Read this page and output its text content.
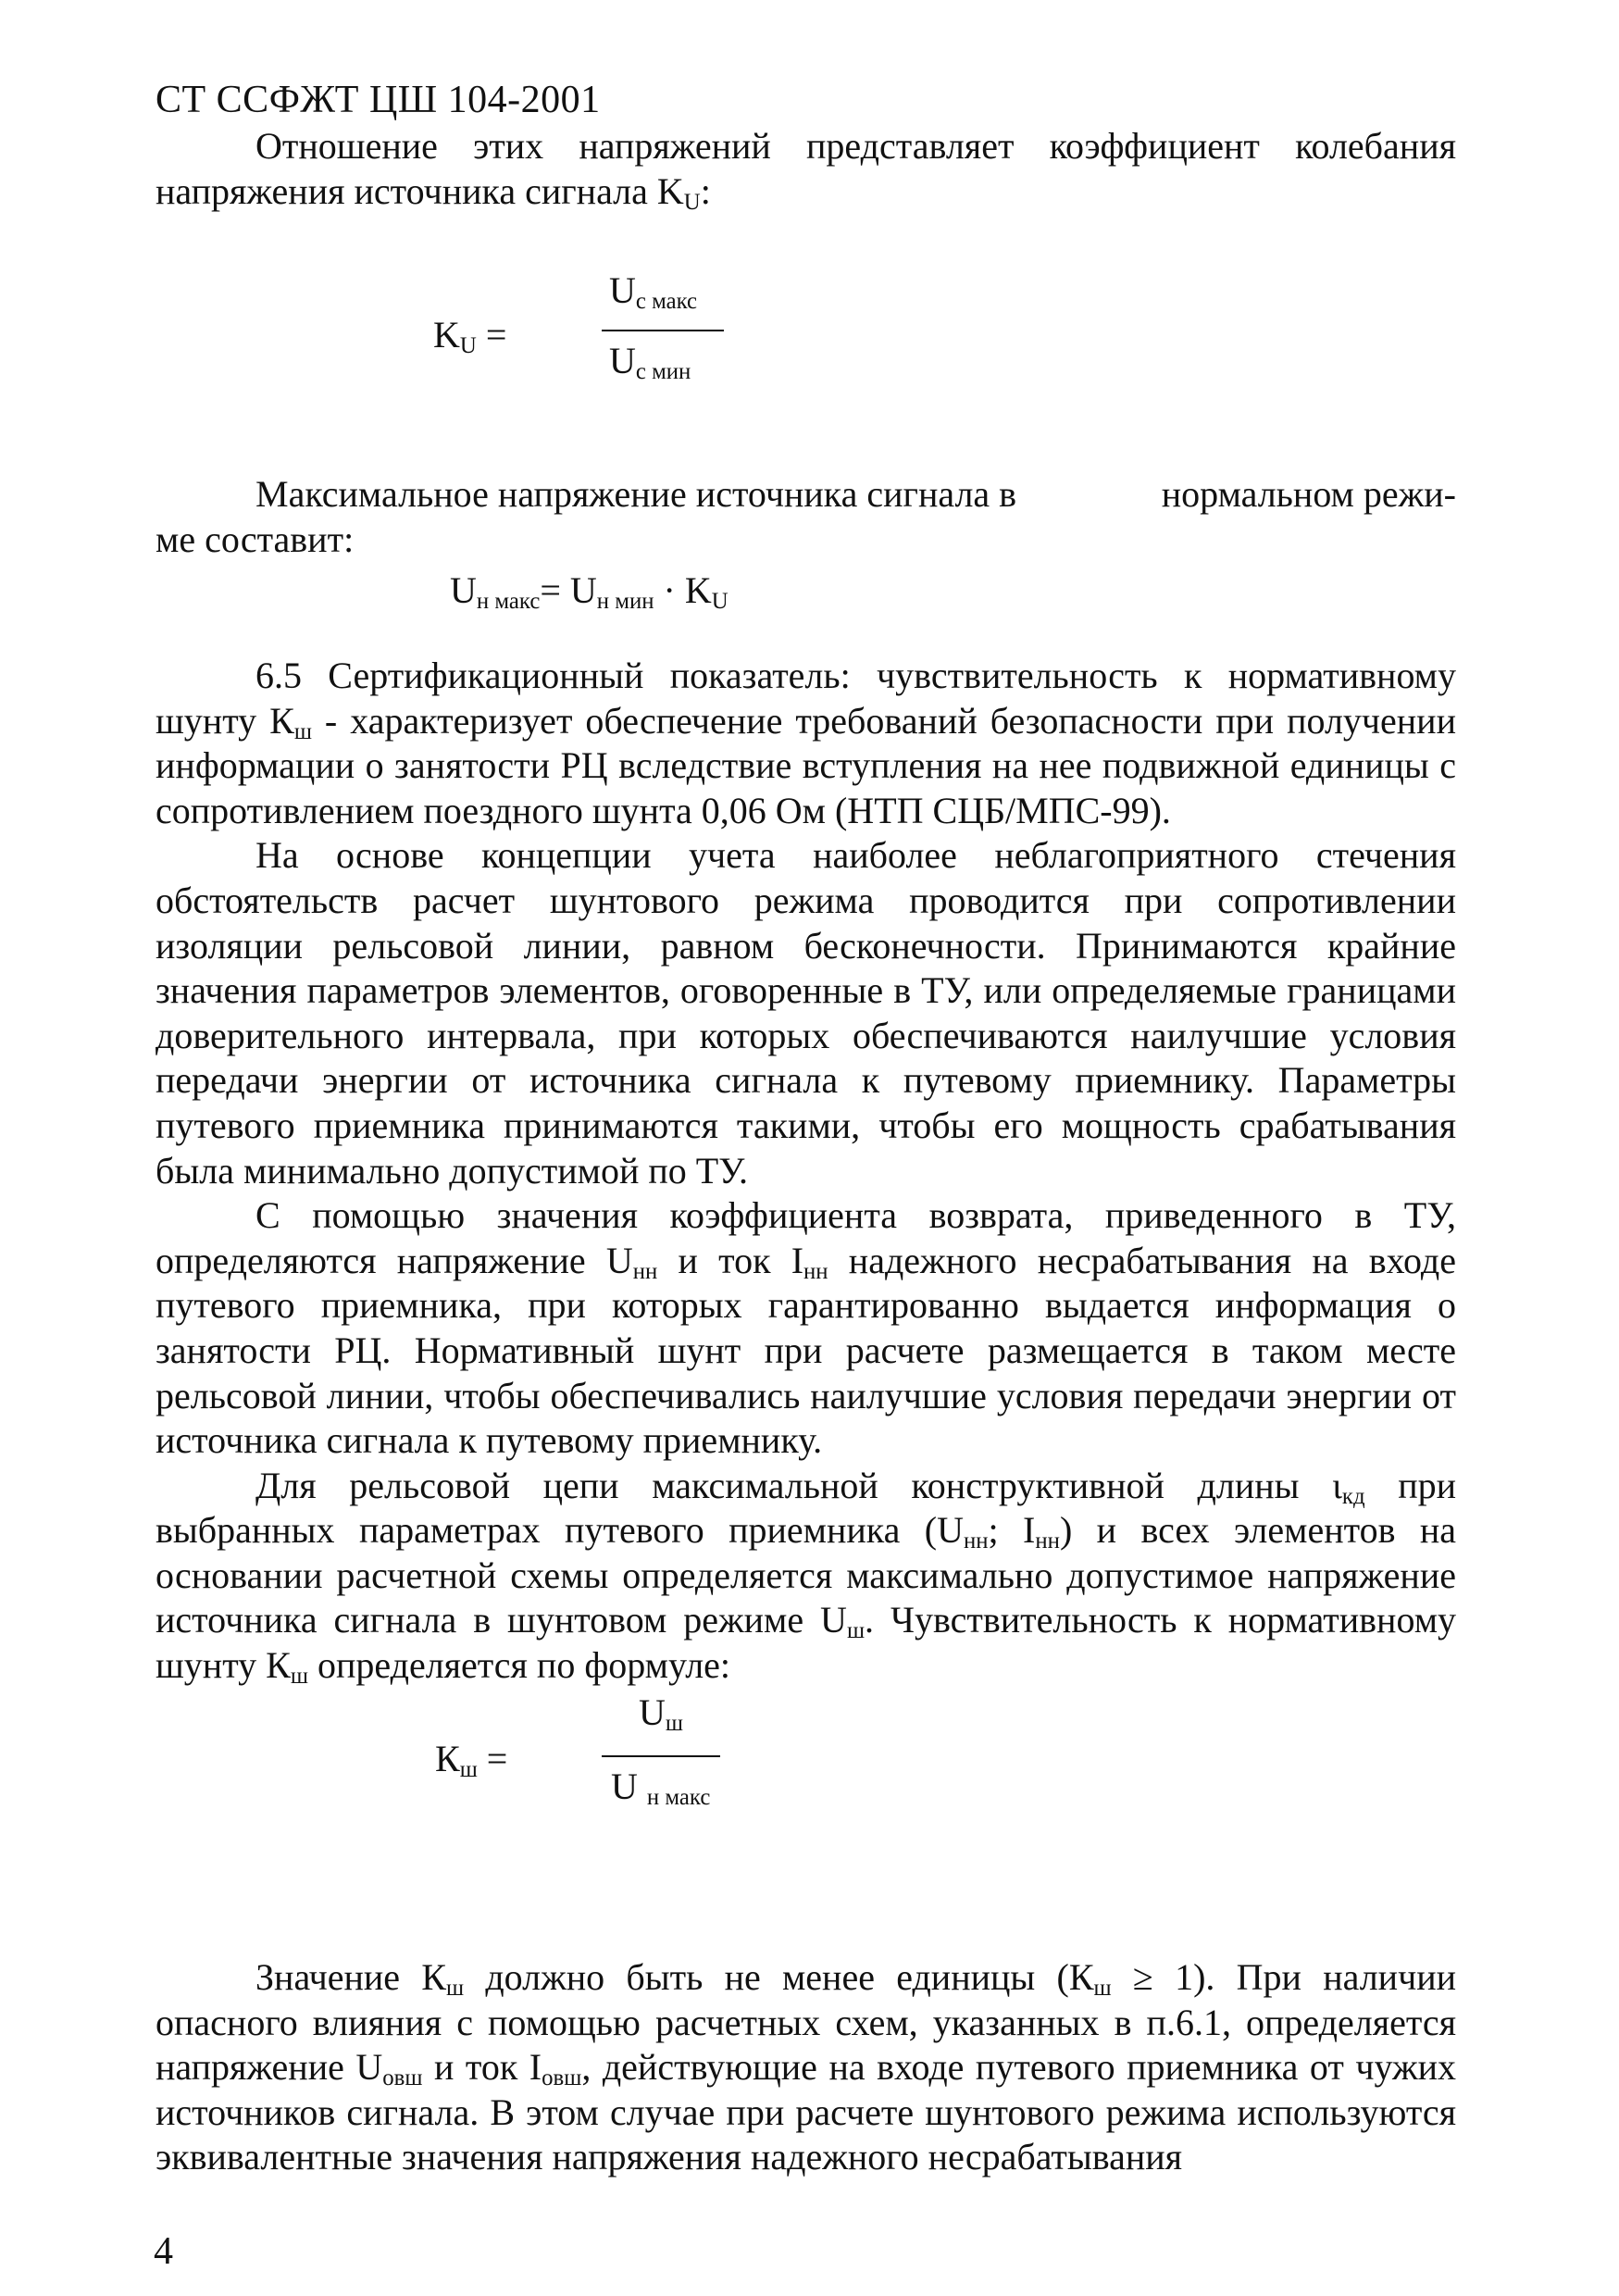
СТ ССФЖТ ЦШ 104-2001

Отношение этих напряжений представляет коэффициент колебания напряжения источника сигнала $K_U$:

$K_U$ =
$U_{с макс}$
$U_{с мин}$
Максимальное напряжение источника сигнала в	нормальном режи-
ме составит:
$U_{н макс}= U_{н мин} \cdot K_U$

6.5 Сертификационный показатель: чувствительность к нормативному шунту $К_ш$ - характеризует обеспечение требований безопасности при получении информации о занятости РЦ вследствие вступления на нее подвижной единицы с сопротивлением поездного шунта 0,06 Ом (НТП СЦБ/МПС-99).

На основе концепции учета наиболее неблагоприятного стечения обстоятельств расчет шунтового режима проводится при сопротивлении изоляции рельсовой линии, равном бесконечности. Принимаются крайние значения параметров элементов, оговоренные в ТУ, или определяемые границами доверительного интервала, при которых обеспечиваются наилучшие условия передачи энергии от источника сигнала к путевому приемнику. Параметры путевого приемника принимаются такими, чтобы его мощность срабатывания была минимально допустимой по ТУ.

С помощью значения коэффициента возврата, приведенного в ТУ, определяются напряжение $U_{нн}$ и ток $I_{нн}$ надежного несрабатывания на входе путевого приемника, при которых гарантированно выдается информация о занятости РЦ. Нормативный шунт при расчете размещается в таком месте рельсовой линии, чтобы обеспечивались наилучшие условия передачи энергии от источника сигнала к путевому приемнику.

Для рельсовой цепи максимальной конструктивной длины $\iota_{кд}$ при выбранных параметрах путевого приемника ($U_{нн}$; $I_{нн}$) и всех элементов на основании расчетной схемы определяется максимально допустимое напряжение источника сигнала в шунтовом режиме $U_ш$. Чувствительность к нормативному шунту $К_ш$ определяется по формуле:

$К_ш$ =
$U_ш$
U $_{н макс}$

Значение $К_ш$ должно быть не менее единицы $(К_ш \ge 1)$. При наличии опасного влияния с помощью расчетных схем, указанных в п.6.1, определяется напряжение $U_{овш}$ и ток $I_{овш}$, действующие на входе путевого приемника от чужих источников сигнала. В этом случае при расчете шунтового режима используются эквивалентные значения напряжения надежного несрабатывания

4
